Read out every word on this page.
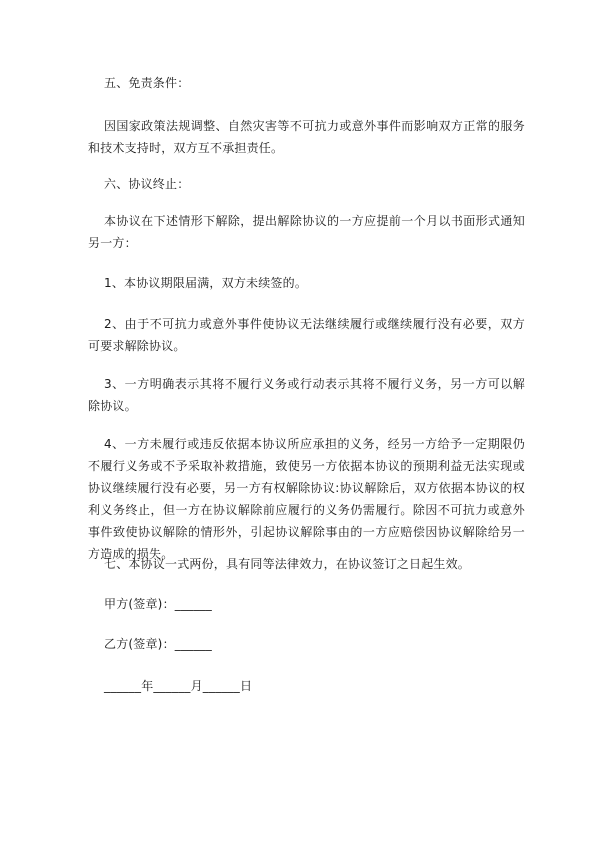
五、免责条件：

因国家政策法规调整、自然灾害等不可抗力或意外事件而影响双方正常的服务和技术支持时，双方互不承担责任。

六、协议终止：

本协议在下述情形下解除，提出解除协议的一方应提前一个月以书面形式通知另一方：

1、本协议期限届满，双方未续签的。

2、由于不可抗力或意外事件使协议无法继续履行或继续履行没有必要，双方可要求解除协议。

3、一方明确表示其将不履行义务或行动表示其将不履行义务，另一方可以解除协议。

4、一方未履行或违反依据本协议所应承担的义务，经另一方给予一定期限仍不履行义务或不予采取补救措施，致使另一方依据本协议的预期利益无法实现或协议继续履行没有必要，另一方有权解除协议:协议解除后，双方依据本协议的权利义务终止，但一方在协议解除前应履行的义务仍需履行。除因不可抗力或意外事件致使协议解除的情形外，引起协议解除事由的一方应赔偿因协议解除给另一方造成的损失。

七、本协议一式两份，具有同等法律效力，在协议签订之日起生效。

甲方(签章)：______

乙方(签章)：______

______年______月______日
